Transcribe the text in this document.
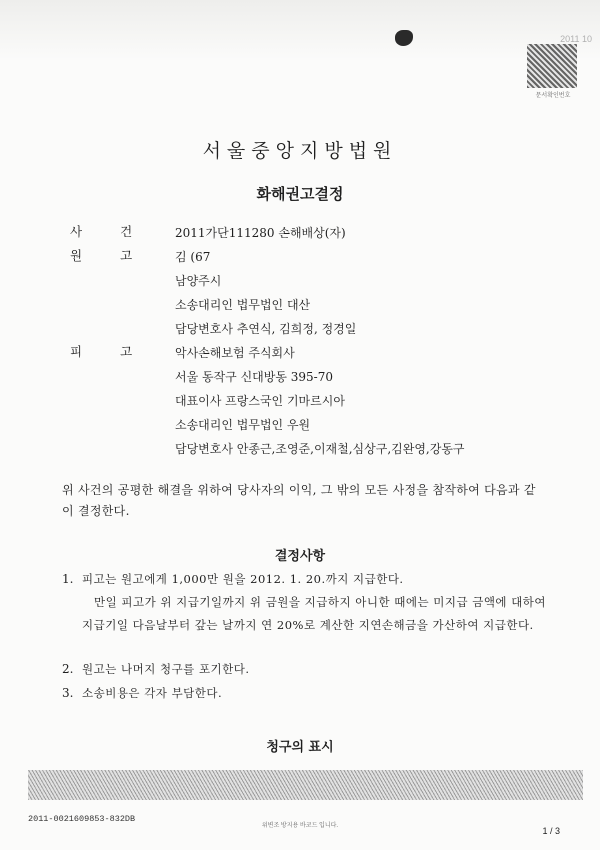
2011 10
문서확인번호
서울중앙지방법원
화해권고결정
사건 2011가단111280 손해배상(자)
원고 김 (67
남양주시
소송대리인 법무법인 대산
담당변호사 추연식, 김희정, 정경일
피고 악사손해보험 주식회사
서울 동작구 신대방동 395-70
대표이사 프랑스국인 기마르시아
소송대리인 법무법인 우원
담당변호사 안종근,조영준,이재철,심상구,김완영,강동구
위 사건의 공평한 해결을 위하여 당사자의 이익, 그 밖의 모든 사정을 참작하여 다음과 같이 결정한다.
결정사항
1. 피고는 원고에게 1,000만 원을 2012. 1. 20.까지 지급한다.
만일 피고가 위 지급기일까지 위 금원을 지급하지 아니한 때에는 미지급 금액에 대하여 지급기일 다음날부터 갚는 날까지 연 20%로 계산한 지연손해금을 가산하여 지급한다.
2. 원고는 나머지 청구를 포기한다.
3. 소송비용은 각자 부담한다.
청구의 표시
2011-0021609853-832DB
위변조 방지용 바코드 입니다.	1 / 3
